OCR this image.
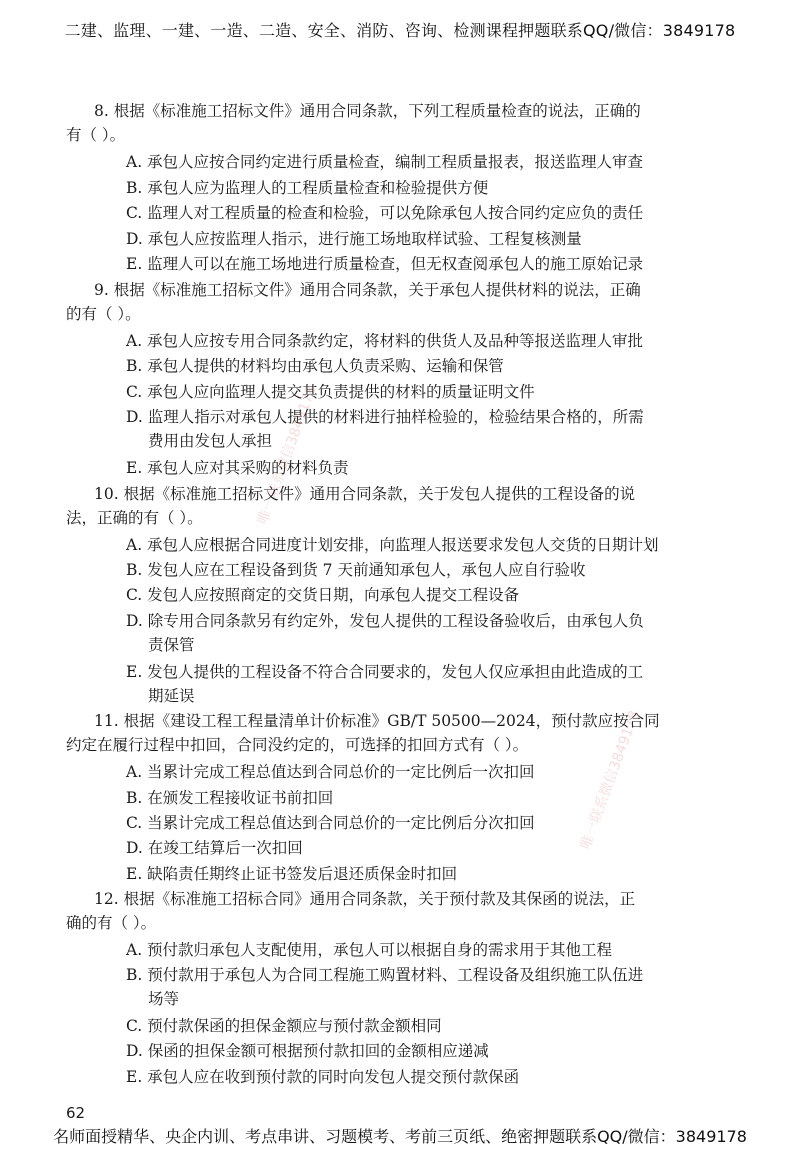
二建、监理、一建、一造、二造、安全、消防、咨询、检测课程押题联系QQ/微信：3849178
8. 根据《标准施工招标文件》通用合同条款，下列工程质量检查的说法，正确的
有（ ）。
A. 承包人应按合同约定进行质量检查，编制工程质量报表，报送监理人审查
B. 承包人应为监理人的工程质量检查和检验提供方便
C. 监理人对工程质量的检查和检验，可以免除承包人按合同约定应负的责任
D. 承包人应按监理人指示，进行施工场地取样试验、工程复核测量
E. 监理人可以在施工场地进行质量检查，但无权查阅承包人的施工原始记录
9. 根据《标准施工招标文件》通用合同条款，关于承包人提供材料的说法，正确
的有（ ）。
A. 承包人应按专用合同条款约定，将材料的供货人及品种等报送监理人审批
B. 承包人提供的材料均由承包人负责采购、运输和保管
C. 承包人应向监理人提交其负责提供的材料的质量证明文件
D. 监理人指示对承包人提供的材料进行抽样检验的，检验结果合格的，所需
费用由发包人承担
E. 承包人应对其采购的材料负责
10. 根据《标准施工招标文件》通用合同条款，关于发包人提供的工程设备的说
法，正确的有（ ）。
A. 承包人应根据合同进度计划安排，向监理人报送要求发包人交货的日期计划
B. 发包人应在工程设备到货 7 天前通知承包人，承包人应自行验收
C. 发包人应按照商定的交货日期，向承包人提交工程设备
D. 除专用合同条款另有约定外，发包人提供的工程设备验收后，由承包人负
责保管
E. 发包人提供的工程设备不符合合同要求的，发包人仅应承担由此造成的工
期延误
11. 根据《建设工程工程量清单计价标准》GB/T 50500—2024，预付款应按合同
约定在履行过程中扣回，合同没约定的，可选择的扣回方式有（ ）。
A. 当累计完成工程总值达到合同总价的一定比例后一次扣回
B. 在颁发工程接收证书前扣回
C. 当累计完成工程总值达到合同总价的一定比例后分次扣回
D. 在竣工结算后一次扣回
E. 缺陷责任期终止证书签发后退还质保金时扣回
12. 根据《标准施工招标合同》通用合同条款，关于预付款及其保函的说法，正
确的有（ ）。
A. 预付款归承包人支配使用，承包人可以根据自身的需求用于其他工程
B. 预付款用于承包人为合同工程施工购置材料、工程设备及组织施工队伍进
场等
C. 预付款保函的担保金额应与预付款金额相同
D. 保函的担保金额可根据预付款扣回的金额相应递减
E. 承包人应在收到预付款的同时向发包人提交预付款保函
唯一联系微信3849178
唯一联系微信3849178
62
名师面授精华、央企内训、考点串讲、习题模考、考前三页纸、绝密押题联系QQ/微信：3849178
